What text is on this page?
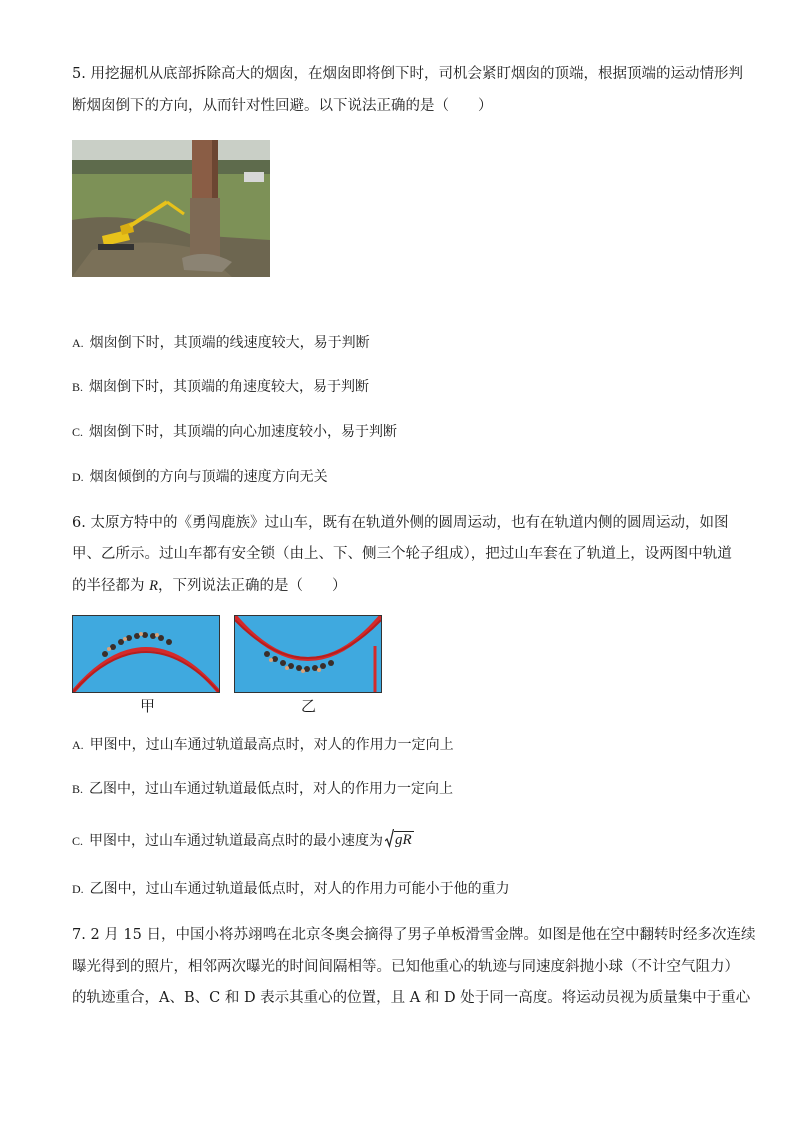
5. 用挖掘机从底部拆除高大的烟囱，在烟囱即将倒下时，司机会紧盯烟囱的顶端，根据顶端的运动情形判
断烟囱倒下的方向，从而针对性回避。以下说法正确的是（　　）
A. 烟囱倒下时，其顶端的线速度较大，易于判断
B. 烟囱倒下时，其顶端的角速度较大，易于判断
C. 烟囱倒下时，其顶端的向心加速度较小，易于判断
D. 烟囱倾倒的方向与顶端的速度方向无关
6. 太原方特中的《勇闯鹿族》过山车，既有在轨道外侧的圆周运动，也有在轨道内侧的圆周运动，如图
甲、乙所示。过山车都有安全锁（由上、下、侧三个轮子组成），把过山车套在了轨道上，设两图中轨道
的半径都为 R，下列说法正确的是（　　）
甲	乙
A. 甲图中，过山车通过轨道最高点时，对人的作用力一定向上
B. 乙图中，过山车通过轨道最低点时，对人的作用力一定向上
C. 甲图中，过山车通过轨道最高点时的最小速度为 gR
D. 乙图中，过山车通过轨道最低点时，对人的作用力可能小于他的重力
7. 2 月 15 日，中国小将苏翊鸣在北京冬奥会摘得了男子单板滑雪金牌。如图是他在空中翻转时经多次连续
曝光得到的照片，相邻两次曝光的时间间隔相等。已知他重心的轨迹与同速度斜抛小球（不计空气阻力）
的轨迹重合，A、B、C 和 D 表示其重心的位置，且 A 和 D 处于同一高度。将运动员视为质量集中于重心
